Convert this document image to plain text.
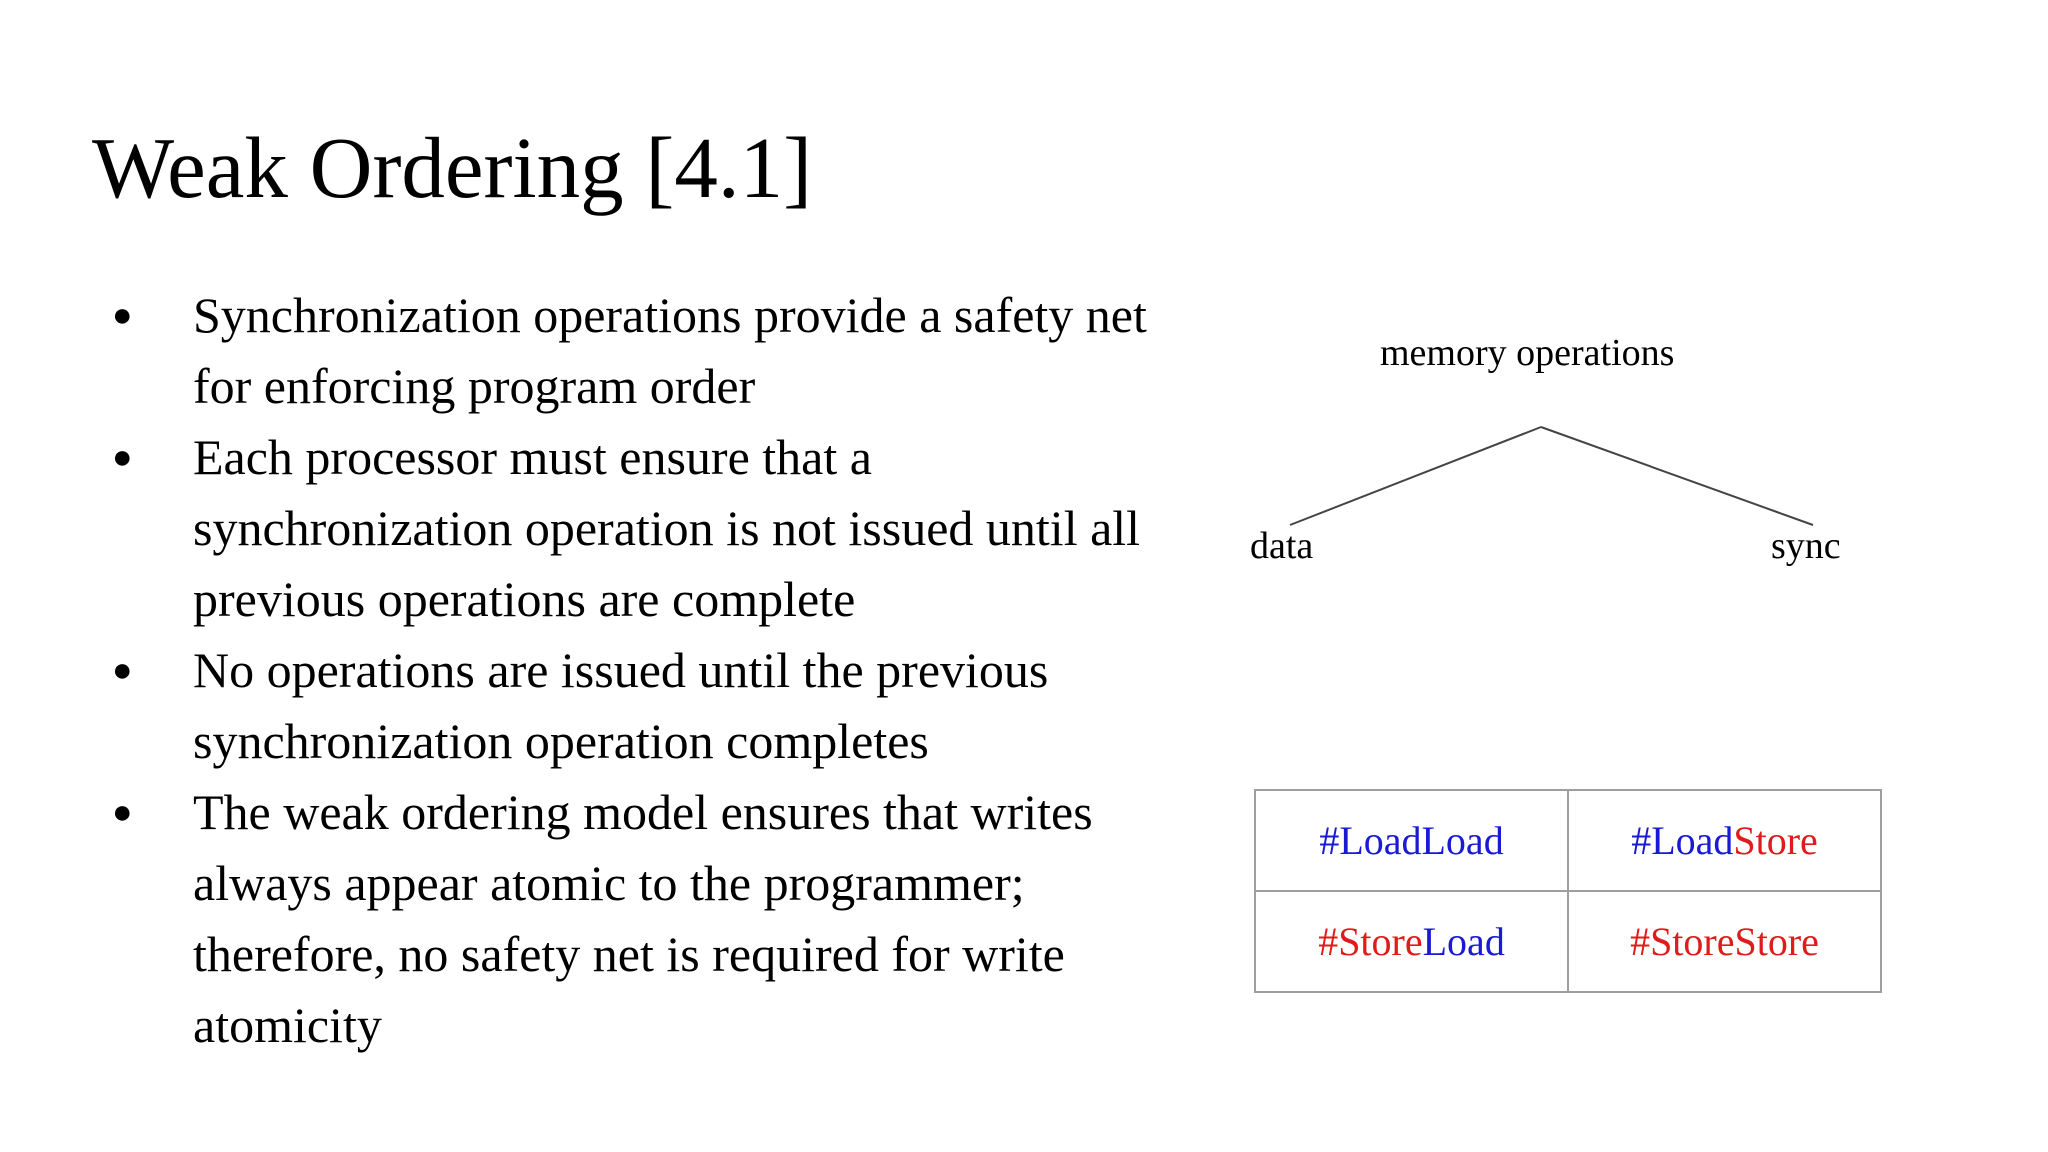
Weak Ordering [4.1]
● Synchronization operations provide a safety net for enforcing program order
● Each processor must ensure that a synchronization operation is not issued until all previous operations are complete
● No operations are issued until the previous synchronization operation completes
● The weak ordering model ensures that writes always appear atomic to the programmer; therefore, no safety net is required for write atomicity
memory operations
data	sync
#LoadLoad	#LoadStore
#StoreLoad	#StoreStore
